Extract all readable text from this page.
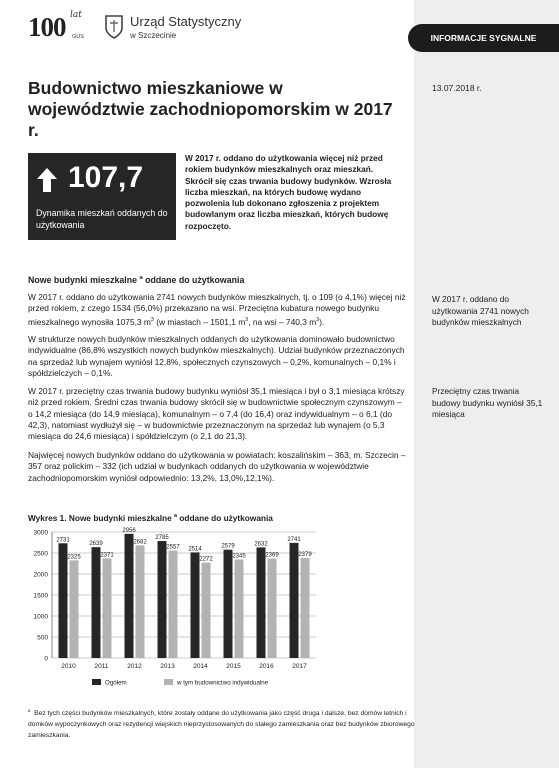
INFORMACJE SYGNALNE
13.07.2018 r.
100 lat
GUS
Urząd Statystyczny
w Szczecinie
Budownictwo mieszkaniowe w województwie zachodniopomorskim w 2017 r.
107,7
Dynamika mieszkań oddanych do użytkowania
W 2017 r. oddano do użytkowania więcej niż przed rokiem budynków mieszkalnych oraz mieszkań. Skrócił się czas trwania budowy budynków. Wzrosła liczba mieszkań, na których budowę wydano pozwolenia lub dokonano zgłoszenia z projektem budowlanym oraz liczba mieszkań, których budowę rozpoczęto.
Nowe budynki mieszkalne $^a$ oddane do użytkowania
W 2017 r. oddano do użytkowania 2741 nowych budynków mieszkalnych, tj. o 109 (o 4,1%) więcej niż przed rokiem, z czego 1534 (56,0%) przekazano na wsi. Przeciętna kubatura nowego budynku mieszkalnego wynosiła 1075,3 $m^3$ (w miastach – 1501,1 $m^3$, na wsi – 740,3 $m^3$).
W strukturze nowych budynków mieszkalnych oddanych do użytkowania dominowało budownictwo indywidualne (86,8% wszystkich nowych budynków mieszkalnych). Udział budynków przeznaczonych na sprzedaż lub wynajem wyniósł 12,8%, społecznych czynszowych – 0,2%, komunalnych – 0,1% i spółdzielczych – 0,1%.
W 2017 r. przeciętny czas trwania budowy budynku wyniósł 35,1 miesiąca i był o 3,1 miesiąca krótszy niż przed rokiem. Średni czas trwania budowy skrócił się w budownictwie społecznym czynszowym – o 14,2 miesiąca (do 14,9 miesiąca), komunalnym – o 7,4 (do 16,4) oraz indywidualnym – o 6,1 (do 42,3), natomiast wydłużył się – w budownictwie przeznaczonym na sprzedaż lub wynajem (o 5,3 miesiąca do 24,6 miesiąca) i spółdzielczym (o 2,1 do 21,3).
Najwięcej nowych budynków oddano do użytkowania w powiatach: koszalińskim – 363, m. Szczecin – 357 oraz polickim – 332 (ich udział w budynkach oddanych do użytkowania w województwie zachodniopomorskim wyniósł odpowiednio: 13,2%, 13,0%,12,1%).
W 2017 r. oddano do użytkowania 2741 nowych budynków mieszkalnych
Przeciętny czas trwania budowy budynku wyniósł 35,1 miesiąca
Wykres 1. Nowe budynki mieszkalne $^a$ oddane do użytkowania
0
500
1000
1500
2000
2500
3000
2731
2325
2010
2639
2371
2011
2956
2682
2012
2785
2557
2013
2514
2272
2014
2579
2345
2015
2632
2369
2016
2741
2379
2017
Ogółem	w tym budownictwo indywidualne
$^a$ Bez tych części budynków mieszkalnych, które zostały oddane do użytkowania jako część druga i dalsze, bez domów letnich i domków wypoczynkowych oraz rezydencji wiejskich nieprzystosowanych do stałego zamieszkania oraz bez budynków zbiorowego zamieszkania.
